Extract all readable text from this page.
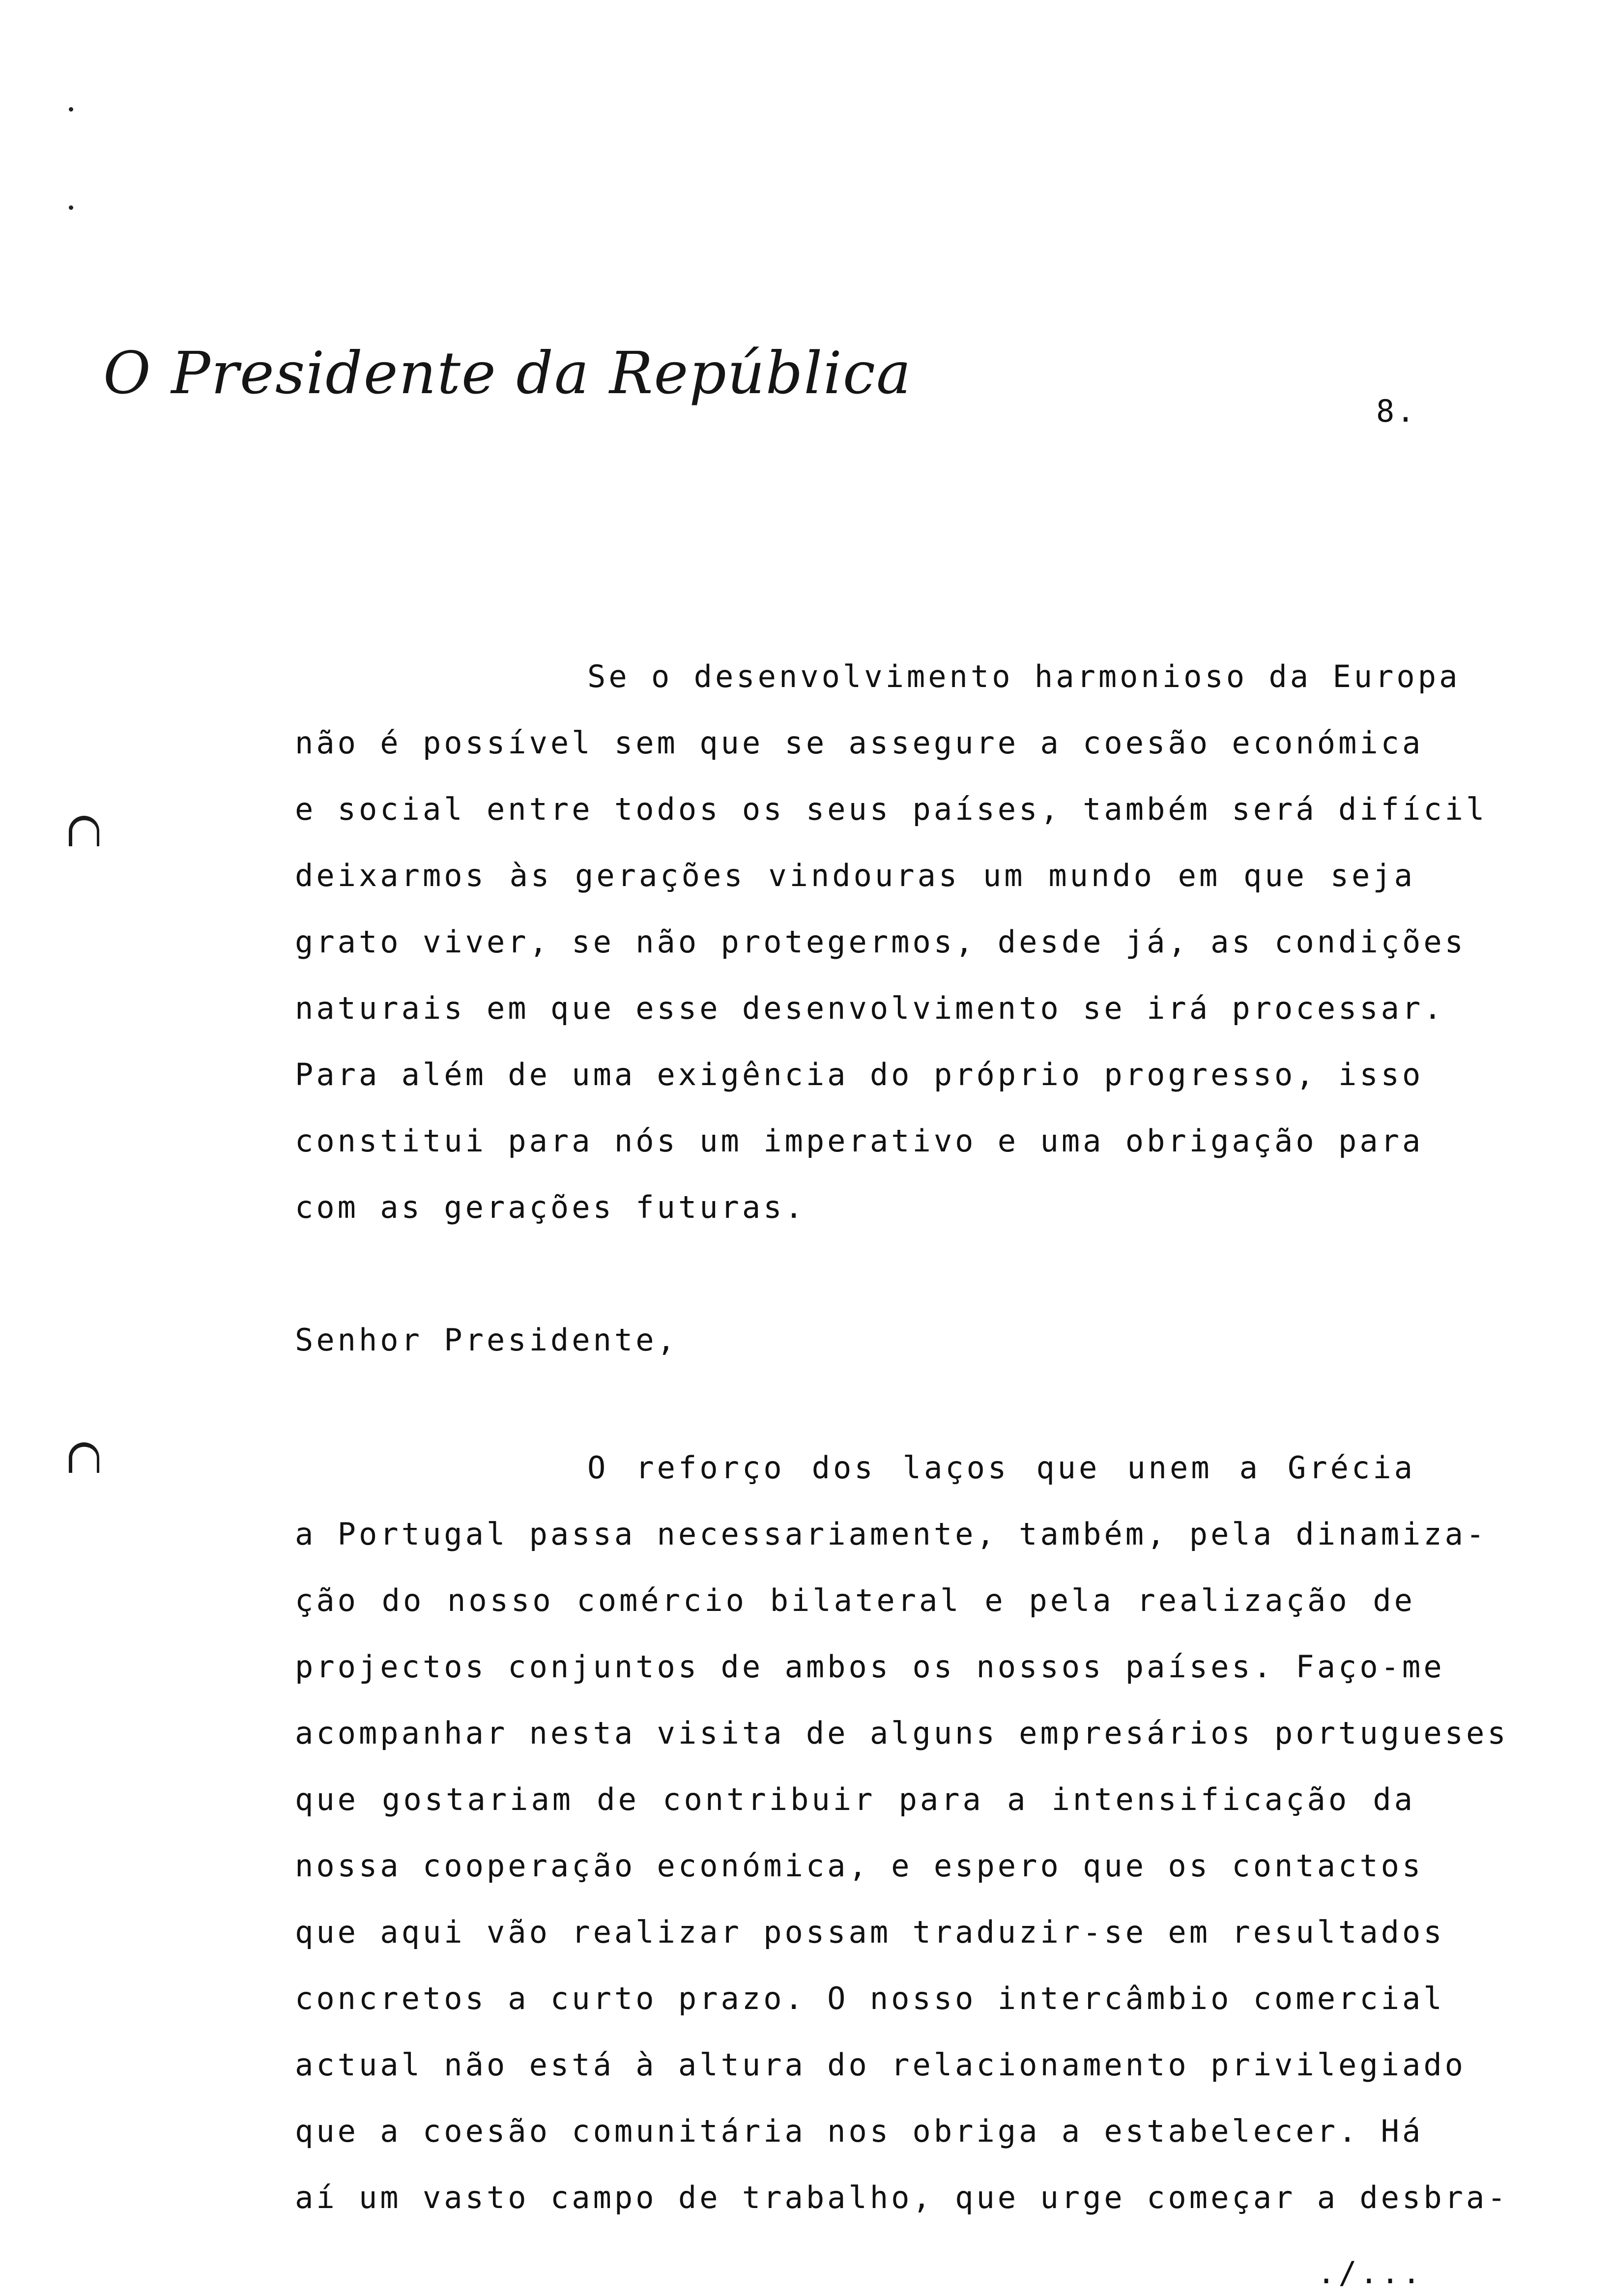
O Presidente da República
8.
Se o desenvolvimento harmonioso da Europa
não é possível sem que se assegure a coesão económica
e social entre todos os seus países, também será difícil
deixarmos às gerações vindouras um mundo em que seja
grato viver, se não protegermos, desde já, as condições
naturais em que esse desenvolvimento se irá processar.
Para além de uma exigência do próprio progresso, isso
constitui para nós um imperativo e uma obrigação para
com as gerações futuras.
Senhor Presidente,
O reforço dos laços que unem a Grécia
a Portugal passa necessariamente, também, pela dinamiza-
ção do nosso comércio bilateral e pela realização de
projectos conjuntos de ambos os nossos países. Faço-me
acompanhar nesta visita de alguns empresários portugueses
que gostariam de contribuir para a intensificação da
nossa cooperação económica, e espero que os contactos
que aqui vão realizar possam traduzir-se em resultados
concretos a curto prazo. O nosso intercâmbio comercial
actual não está à altura do relacionamento privilegiado
que a coesão comunitária nos obriga a estabelecer. Há
aí um vasto campo de trabalho, que urge começar a desbra-
./...
